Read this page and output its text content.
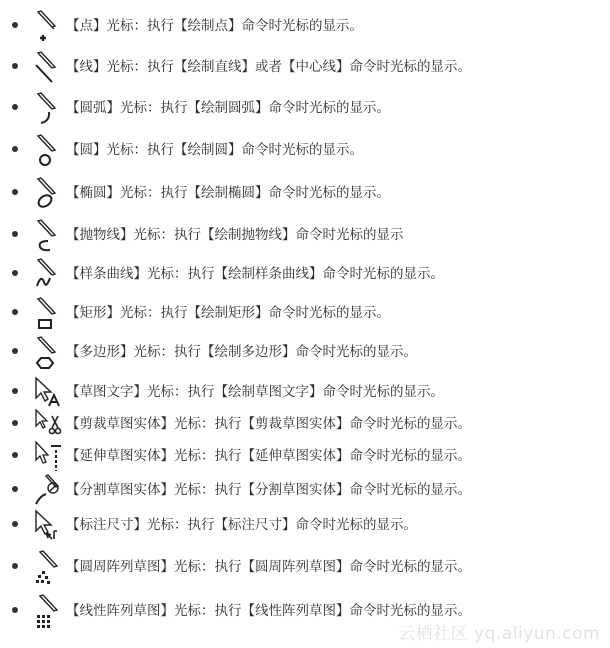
【点】光标：执行【绘制点】命令时光标的显示。
【线】光标：执行【绘制直线】或者【中心线】命令时光标的显示。
【圆弧】光标：执行【绘制圆弧】命令时光标的显示。
【圆】光标：执行【绘制圆】命令时光标的显示。
【椭圆】光标：执行【绘制椭圆】命令时光标的显示。
【抛物线】光标：执行【绘制抛物线】命令时光标的显示
【样条曲线】光标：执行【绘制样条曲线】命令时光标的显示。
【矩形】光标：执行【绘制矩形】命令时光标的显示。
【多边形】光标：执行【绘制多边形】命令时光标的显示。
【草图文字】光标：执行【绘制草图文字】命令时光标的显示。
【剪裁草图实体】光标：执行【剪裁草图实体】命令时光标的显示。
【延伸草图实体】光标：执行【延伸草图实体】命令时光标的显示。
【分割草图实体】光标：执行【分割草图实体】命令时光标的显示。
【标注尺寸】光标：执行【标注尺寸】命令时光标的显示。
【圆周阵列草图】光标：执行【圆周阵列草图】命令时光标的显示。
【线性阵列草图】光标：执行【线性阵列草图】命令时光标的显示。
云栖社区 yq.aliyun.com
